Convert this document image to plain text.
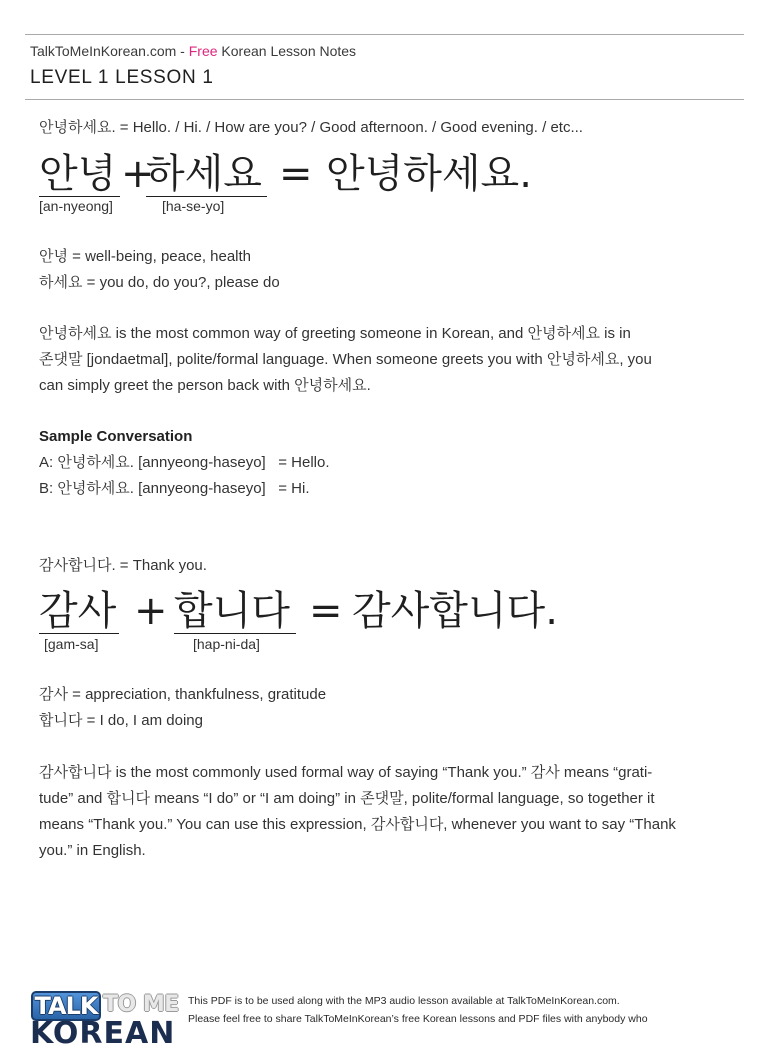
TalkToMeInKorean.com - Free Korean Lesson Notes
LEVEL 1 LESSON 1
안녕하세요. = Hello. / Hi. / How are you? / Good afternoon. / Good evening. / etc...
안녕 +
하세요 = 안녕하세요.
[an-nyeong]	[ha-se-yo]
안녕 = well-being, peace, health
하세요 = you do, do you?, please do
안녕하세요 is the most common way of greeting someone in Korean, and 안녕하세요 is in
존댓말 [jondaetmal], polite/formal language. When someone greets you with 안녕하세요, you
can simply greet the person back with 안녕하세요.
Sample Conversation
A: 안녕하세요. [annyeong-haseyo]   = Hello.
B: 안녕하세요. [annyeong-haseyo]   = Hi.
감사합니다. = Thank you.
감사 + 합니다 = 감사합니다.
[gam-sa]	[hap-ni-da]
감사 = appreciation, thankfulness, gratitude
합니다 = I do, I am doing
감사합니다 is the most commonly used formal way of saying “Thank you.” 감사 means “grati-
tude” and 합니다 means “I do” or “I am doing” in 존댓말, polite/formal language, so together it
means “Thank you.” You can use this expression, 감사합니다, whenever you want to say “Thank
you.” in English.
TALK TO ME
KOREAN
This PDF is to be used along with the MP3 audio lesson available at TalkToMeInKorean.com.
Please feel free to share TalkToMeInKorean’s free Korean lessons and PDF files with anybody who
